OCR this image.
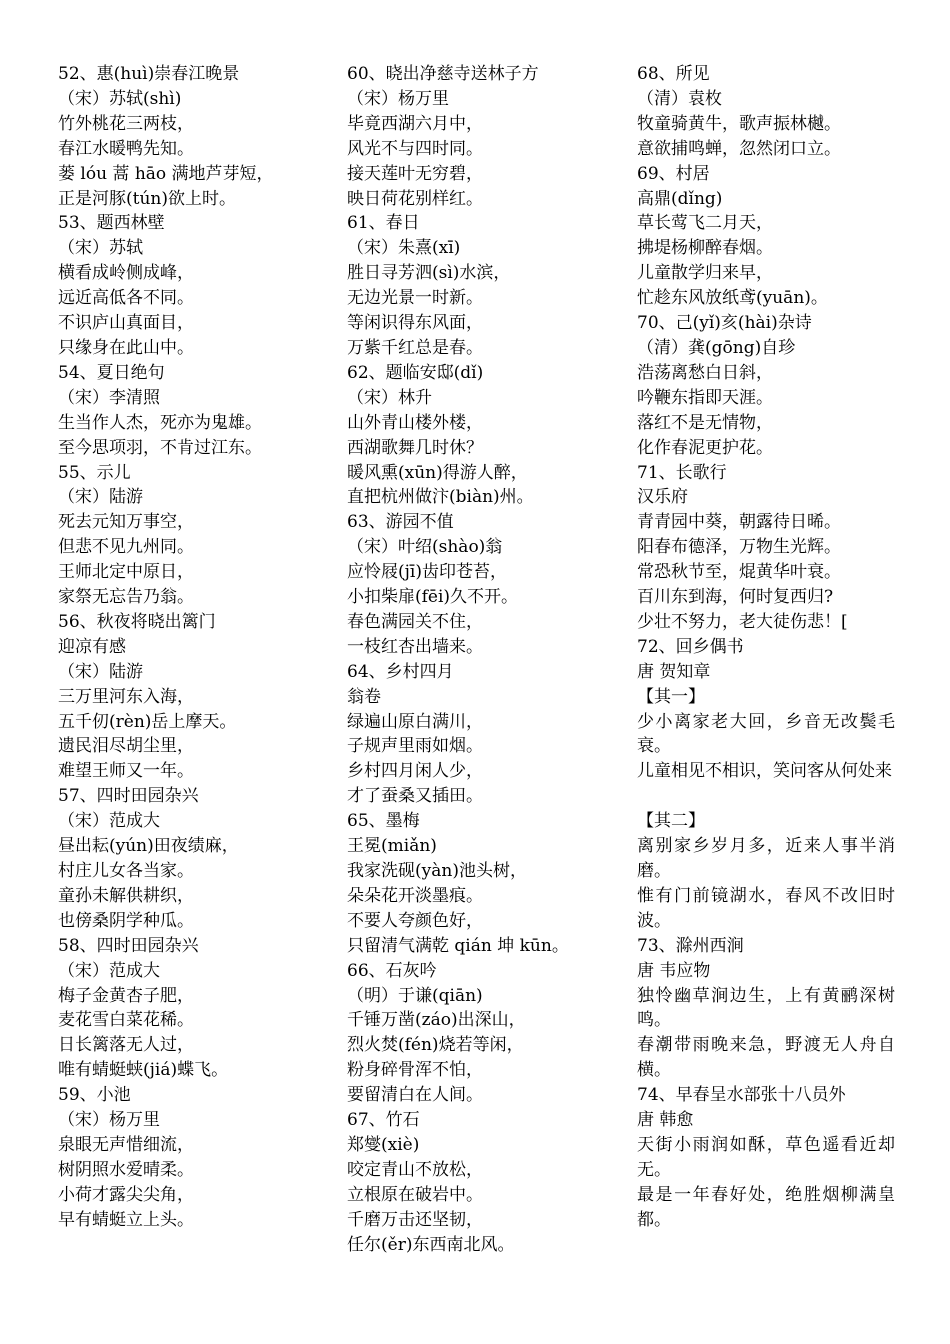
52、惠(huì)崇春江晚景
（宋）苏轼(shì)
竹外桃花三两枝，
春江水暖鸭先知。
蒌 lóu 蒿 hāo 满地芦芽短，
正是河豚(tún)欲上时。
53、题西林壁
（宋）苏轼
横看成岭侧成峰，
远近高低各不同。
不识庐山真面目，
只缘身在此山中。
54、夏日绝句
（宋）李清照
生当作人杰，死亦为鬼雄。
至今思项羽，不肯过江东。
55、示儿
（宋）陆游
死去元知万事空，
但悲不见九州同。
王师北定中原日，
家祭无忘告乃翁。
56、秋夜将晓出篱门
迎凉有感
（宋）陆游
三万里河东入海，
五千仞(rèn)岳上摩天。
遗民泪尽胡尘里，
难望王师又一年。
57、四时田园杂兴
（宋）范成大
昼出耘(yún)田夜绩麻，
村庄儿女各当家。
童孙未解供耕织，
也傍桑阴学种瓜。
58、四时田园杂兴
（宋）范成大
梅子金黄杏子肥，
麦花雪白菜花稀。
日长篱落无人过，
唯有蜻蜓蛱(jiá)蝶飞。
59、小池
（宋）杨万里
泉眼无声惜细流，
树阴照水爱晴柔。
小荷才露尖尖角，
早有蜻蜓立上头。
60、晓出净慈寺送林子方
（宋）杨万里
毕竟西湖六月中，
风光不与四时同。
接天莲叶无穷碧，
映日荷花别样红。
61、春日
（宋）朱熹(xī)
胜日寻芳泗(sì)水滨，
无边光景一时新。
等闲识得东风面，
万紫千红总是春。
62、题临安邸(dǐ)
（宋）林升
山外青山楼外楼，
西湖歌舞几时休？
暖风熏(xūn)得游人醉，
直把杭州做汴(biàn)州。
63、游园不值
（宋）叶绍(shào)翁
应怜屐(jī)齿印苍苔，
小扣柴扉(fēi)久不开。
春色满园关不住，
一枝红杏出墙来。
64、乡村四月
翁卷
绿遍山原白满川，
子规声里雨如烟。
乡村四月闲人少，
才了蚕桑又插田。
65、墨梅
王冕(miǎn)
我家洗砚(yàn)池头树，
朵朵花开淡墨痕。
不要人夸颜色好，
只留清气满乾 qián 坤 kūn。
66、石灰吟
（明）于谦(qiān)
千锤万凿(záo)出深山，
烈火焚(fén)烧若等闲，
粉身碎骨浑不怕，
要留清白在人间。
67、竹石
郑燮(xiè)
咬定青山不放松，
立根原在破岩中。
千磨万击还坚韧，
任尔(ěr)东西南北风。
68、所见
（清）袁枚
牧童骑黄牛，歌声振林樾。
意欲捕鸣蝉，忽然闭口立。
69、村居
高鼎(dǐng)
草长莺飞二月天，
拂堤杨柳醉春烟。
儿童散学归来早，
忙趁东风放纸鸢(yuān)。
70、己(yǐ)亥(hài)杂诗
（清）龚(gōng)自珍
浩荡离愁白日斜，
吟鞭东指即天涯。
落红不是无情物，
化作春泥更护花。
71、长歌行
汉乐府
青青园中葵，朝露待日晞。
阳春布德泽，万物生光辉。
常恐秋节至，焜黄华叶衰。
百川东到海，何时复西归?
少壮不努力，老大徒伤悲！[
72、回乡偶书
唐 贺知章
【其一】
少小离家老大回，乡音无改鬓毛衰。
儿童相见不相识，笑问客从何处来
【其二】
离别家乡岁月多，近来人事半消磨。
惟有门前镜湖水，春风不改旧时波。
73、滁州西涧
唐 韦应物
独怜幽草涧边生，上有黄鹂深树鸣。
春潮带雨晚来急，野渡无人舟自横。
74、早春呈水部张十八员外
唐 韩愈
天街小雨润如酥，草色遥看近却无。
最是一年春好处，绝胜烟柳满皇都。
